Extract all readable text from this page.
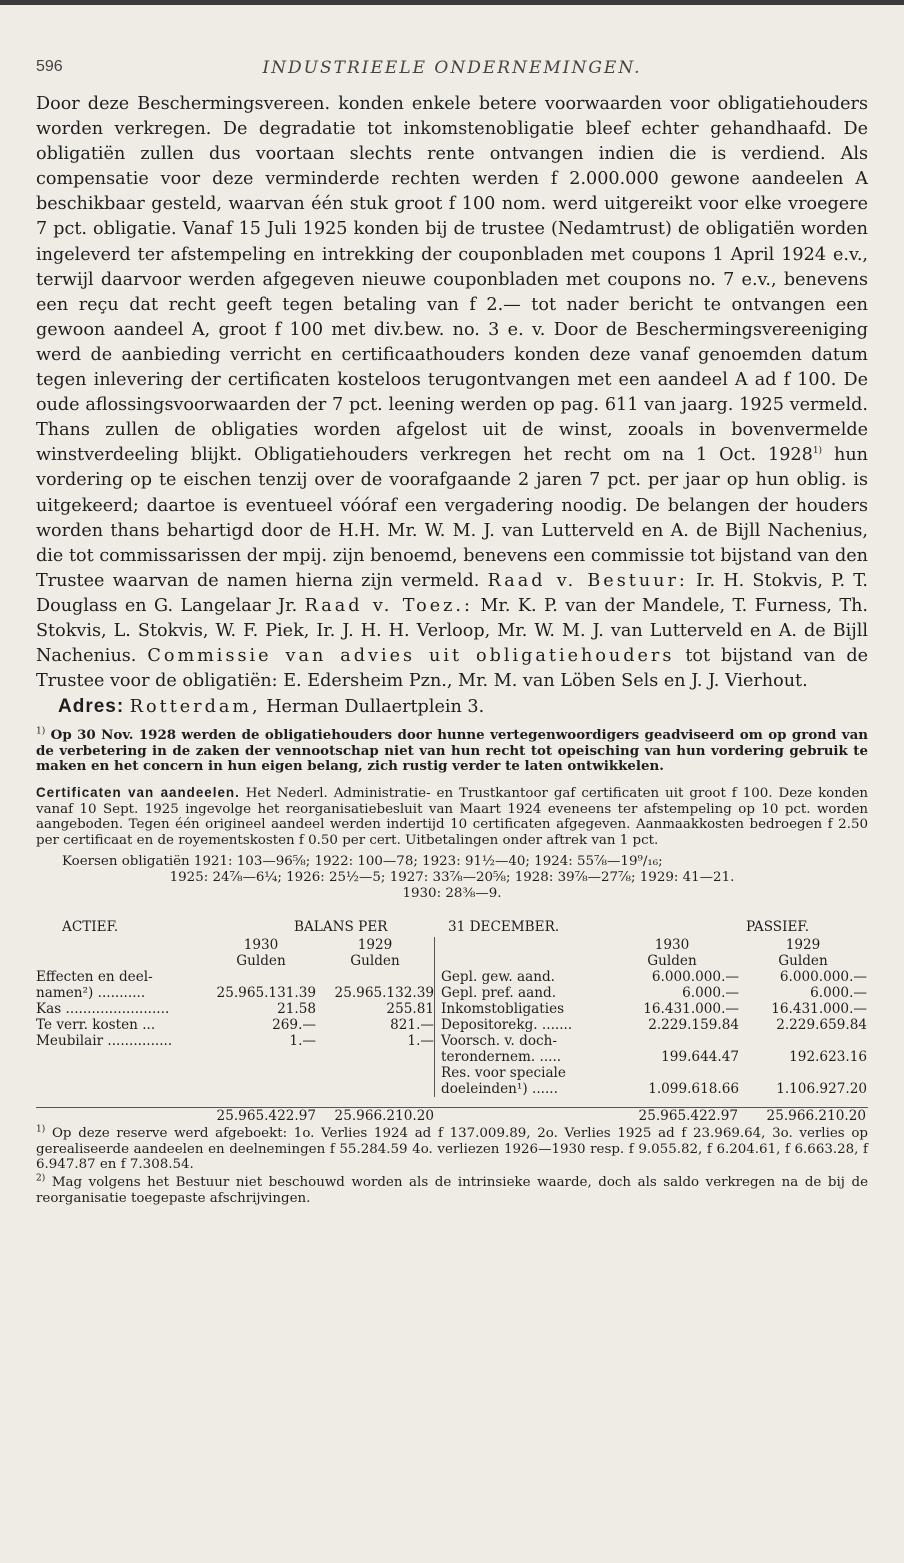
596	INDUSTRIEELE ONDERNEMINGEN.

Door deze Beschermingsvereen. konden enkele betere voorwaarden voor obligatiehouders worden verkregen. De degradatie tot inkomstenobligatie bleef echter gehandhaafd. De obligatiën zullen dus voortaan slechts rente ontvangen indien die is verdiend. Als compensatie voor deze verminderde rechten werden f 2.000.000 gewone aandeelen A beschikbaar gesteld, waarvan één stuk groot f 100 nom. werd uitgereikt voor elke vroegere 7 pct. obligatie. Vanaf 15 Juli 1925 konden bij de trustee (Nedamtrust) de obligatiën worden ingeleverd ter afstempeling en intrekking der couponbladen met coupons 1 April 1924 e.v., terwijl daarvoor werden afgegeven nieuwe couponbladen met coupons no. 7 e.v., benevens een reçu dat recht geeft tegen betaling van f 2.— tot nader bericht te ontvangen een gewoon aandeel A, groot f 100 met div.bew. no. 3 e. v. Door de Beschermingsvereeniging werd de aanbieding verricht en certificaathouders konden deze vanaf genoemden datum tegen inlevering der certificaten kosteloos terugontvangen met een aandeel A ad f 100. De oude aflossingsvoorwaarden der 7 pct. leening werden op pag. 611 van jaarg. 1925 vermeld. Thans zullen de obligaties worden afgelost uit de winst, zooals in bovenvermelde winstverdeeling blijkt. Obligatiehouders verkregen het recht om na 1 Oct. 1928$^{1)}$ hun vordering op te eischen tenzij over de voorafgaande 2 jaren 7 pct. per jaar op hun oblig. is uitgekeerd; daartoe is eventueel vóóraf een vergadering noodig. De belangen der houders worden thans behartigd door de H.H. Mr. W. M. J. van Lutterveld en A. de Bijll Nachenius, die tot commissarissen der mpij. zijn benoemd, benevens een commissie tot bijstand van den Trustee waarvan de namen hierna zijn vermeld. Raad v. Bestuur: Ir. H. Stokvis, P. T. Douglass en G. Langelaar Jr. Raad v. Toez.: Mr. K. P. van der Mandele, T. Furness, Th. Stokvis, L. Stokvis, W. F. Piek, Ir. J. H. H. Verloop, Mr. W. M. J. van Lutterveld en A. de Bijll Nachenius. Commissie van advies uit obligatiehouders tot bijstand van de Trustee voor de obligatiën: E. Edersheim Pzn., Mr. M. van Löben Sels en J. J. Vierhout.

Adres: Rotterdam, Herman Dullaertplein 3.

$^{1)}$ Op 30 Nov. 1928 werden de obligatiehouders door hunne vertegenwoordigers geadviseerd om op grond van de verbetering in de zaken der vennootschap niet van hun recht tot opeisching van hun vordering gebruik te maken en het concern in hun eigen belang, zich rustig verder te laten ontwikkelen.

Certificaten van aandeelen. Het Nederl. Administratie- en Trustkantoor gaf certificaten uit groot f 100. Deze konden vanaf 10 Sept. 1925 ingevolge het reorganisatiebesluit van Maart 1924 eveneens ter afstempeling op 10 pct. worden aangeboden. Tegen één origineel aandeel werden indertijd 10 certificaten afgegeven. Aanmaakkosten bedroegen f 2.50 per certificaat en de royementskosten f 0.50 per cert. Uitbetalingen onder aftrek van 1 pct.

Koersen obligatiën 1921: 103—96⅝; 1922: 100—78; 1923: 91½—40; 1924: 55⅞—19⁹/₁₆;
1925: 24⅞—6¼; 1926: 25½—5; 1927: 33⅞—20⅝; 1928: 39⅞—27⅞; 1929: 41—21.
1930: 28⅜—9.

ACTIEF.	BALANS PER	31 DECEMBER.	PASSIEF.
1930	1929
Gulden	Gulden
Effecten en deel-
namen²) ...........	25.965.131.39	25.965.132.39
Kas ........................	21.58	255.81
Te verr. kosten ...	269.—	821.—
Meubilair ...............	1.—	1.—
1930	1929
Gulden	Gulden
Gepl. gew. aand.	6.000.000.—	6.000.000.—
Gepl. pref. aand.	6.000.—	6.000.—
Inkomstobligaties	16.431.000.—	16.431.000.—
Depositorekg. .......	2.229.159.84	2.229.659.84
Voorsch. v. doch-
terondernem. .....	199.644.47	192.623.16
Res. voor speciale
doeleinden¹) ......	1.099.618.66	1.106.927.20
25.965.422.97	25.966.210.20	25.965.422.97	25.966.210.20

$^{1)}$ Op deze reserve werd afgeboekt: 1o. Verlies 1924 ad f 137.009.89, 2o. Verlies 1925 ad f 23.969.64, 3o. verlies op gerealiseerde aandeelen en deelnemingen f 55.284.59 4o. verliezen 1926—1930 resp. f 9.055.82, f 6.204.61, f 6.663.28, f 6.947.87 en f 7.308.54.

$^{2)}$ Mag volgens het Bestuur niet beschouwd worden als de intrinsieke waarde, doch als saldo verkregen na de bij de reorganisatie toegepaste afschrijvingen.
